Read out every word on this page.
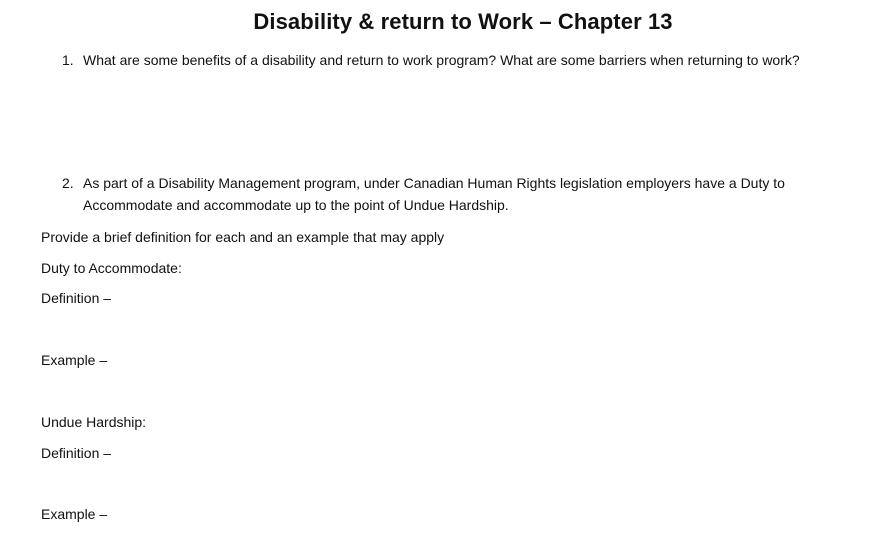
Disability & return to Work – Chapter 13
1. What are some benefits of a disability and return to work program? What are some barriers when returning to work?
2. As part of a Disability Management program, under Canadian Human Rights legislation employers have a Duty to Accommodate and accommodate up to the point of Undue Hardship.
Provide a brief definition for each and an example that may apply
Duty to Accommodate:
Definition –
Example –
Undue Hardship:
Definition –
Example –
